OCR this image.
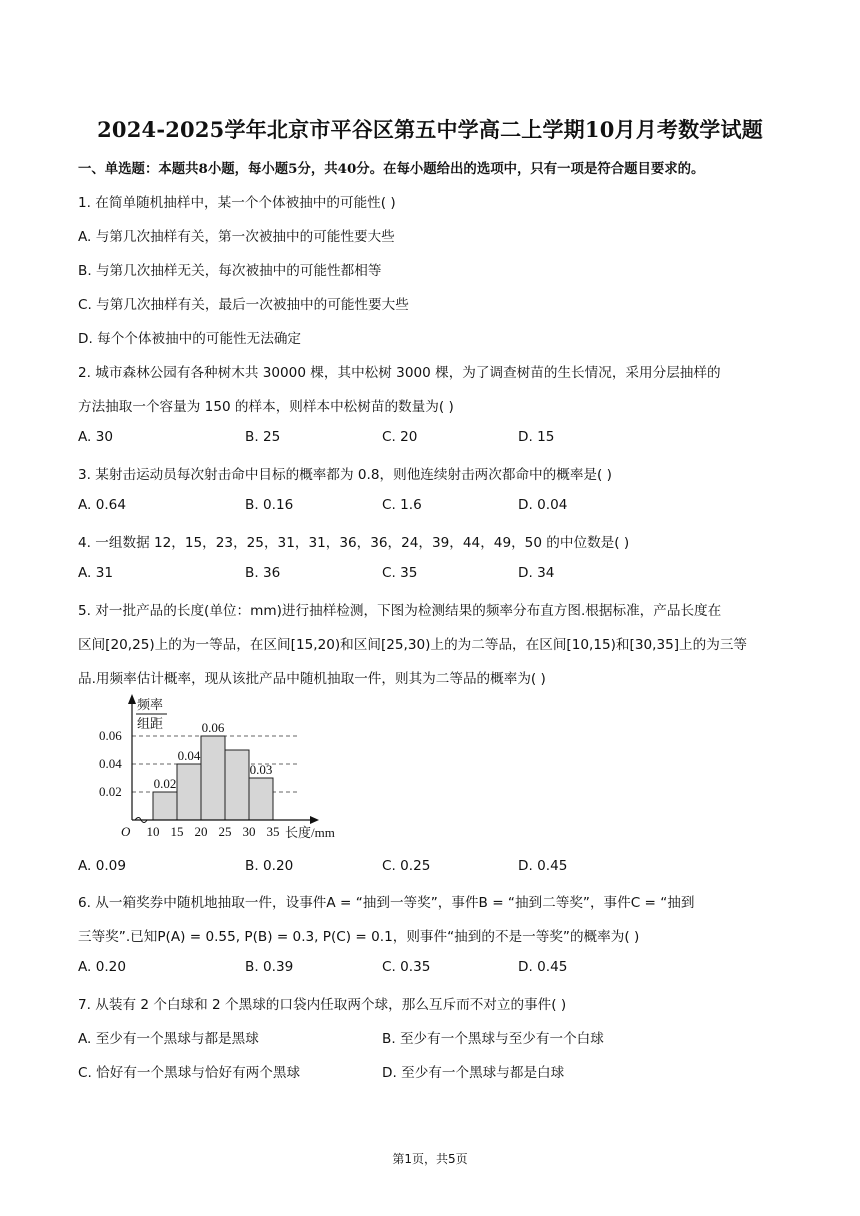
2024-2025学年北京市平谷区第五中学高二上学期10月月考数学试题
一、单选题：本题共8小题，每小题5分，共40分。在每小题给出的选项中，只有一项是符合题目要求的。
1. 在简单随机抽样中，某一个个体被抽中的可能性( )
A. 与第几次抽样有关，第一次被抽中的可能性要大些
B. 与第几次抽样无关，每次被抽中的可能性都相等
C. 与第几次抽样有关，最后一次被抽中的可能性要大些
D. 每个个体被抽中的可能性无法确定
2. 城市森林公园有各种树木共 30000 棵，其中松树 3000 棵，为了调查树苗的生长情况，采用分层抽样的
方法抽取一个容量为 150 的样本，则样本中松树苗的数量为( )
A. 30	B. 25	C. 20	D. 15
3. 某射击运动员每次射击命中目标的概率都为 0.8，则他连续射击两次都命中的概率是( )
A. 0.64	B. 0.16	C. 1.6	D. 0.04
4. 一组数据 12，15，23，25，31，31，36，36，24，39，44，49，50 的中位数是( )
A. 31	B. 36	C. 35	D. 34
5. 对一批产品的长度(单位：mm)进行抽样检测，下图为检测结果的频率分布直方图.根据标准，产品长度在
区间[20,25)上的为一等品，在区间[15,20)和区间[25,30)上的为二等品，在区间[10,15)和[30,35]上的为三等
品.用频率估计概率，现从该批产品中随机抽取一件，则其为二等品的概率为( )
0.02
0.04
0.06
0.02
0.04
0.06
0.03
10 15 20 25 30 35
O	长度/mm
频率
组距
A. 0.09	B. 0.20	C. 0.25	D. 0.45
6. 从一箱奖券中随机地抽取一件，设事件A = “抽到一等奖”，事件B = “抽到二等奖”，事件C = “抽到
三等奖”.已知P(A) = 0.55, P(B) = 0.3, P(C) = 0.1，则事件“抽到的不是一等奖”的概率为( )
A. 0.20	B. 0.39	C. 0.35	D. 0.45
7. 从装有 2 个白球和 2 个黑球的口袋内任取两个球，那么互斥而不对立的事件( )
A. 至少有一个黑球与都是黑球	B. 至少有一个黑球与至少有一个白球
C. 恰好有一个黑球与恰好有两个黑球	D. 至少有一个黑球与都是白球
第1页，共5页
